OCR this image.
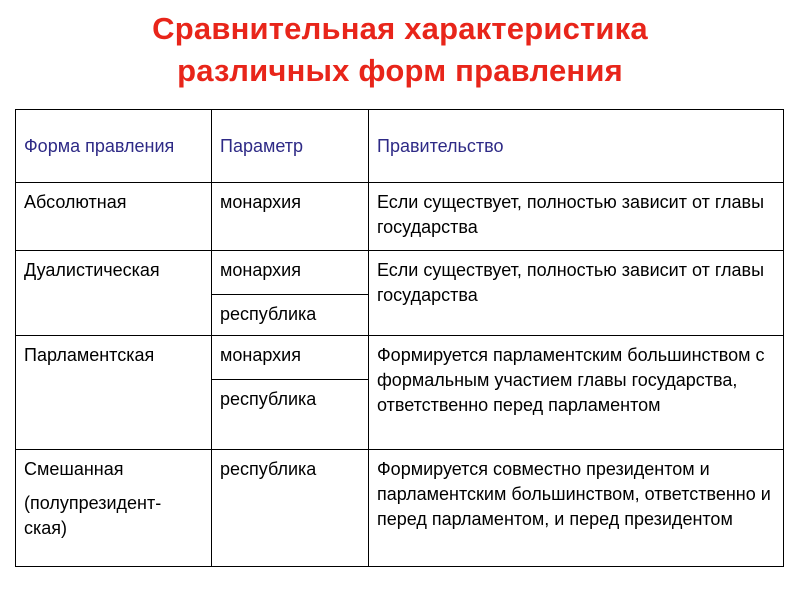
Сравнительная характеристика
различных форм правления
Форма правления	Параметр	Правительство
Абсолютная	монархия	Если существует, полностью зависит от главы государства
Дуалистическая	монархия	Если существует, полностью зависит от главы государства
	республика	
Парламентская	монархия	Формируется парламентским большинством с формальным участием главы государства, ответственно перед парламентом
	республика	

Смешанная
(полупрезидент-ская)	республика	Формируется совместно президентом и парламентским большинством, ответственно и перед парламентом, и перед президентом
